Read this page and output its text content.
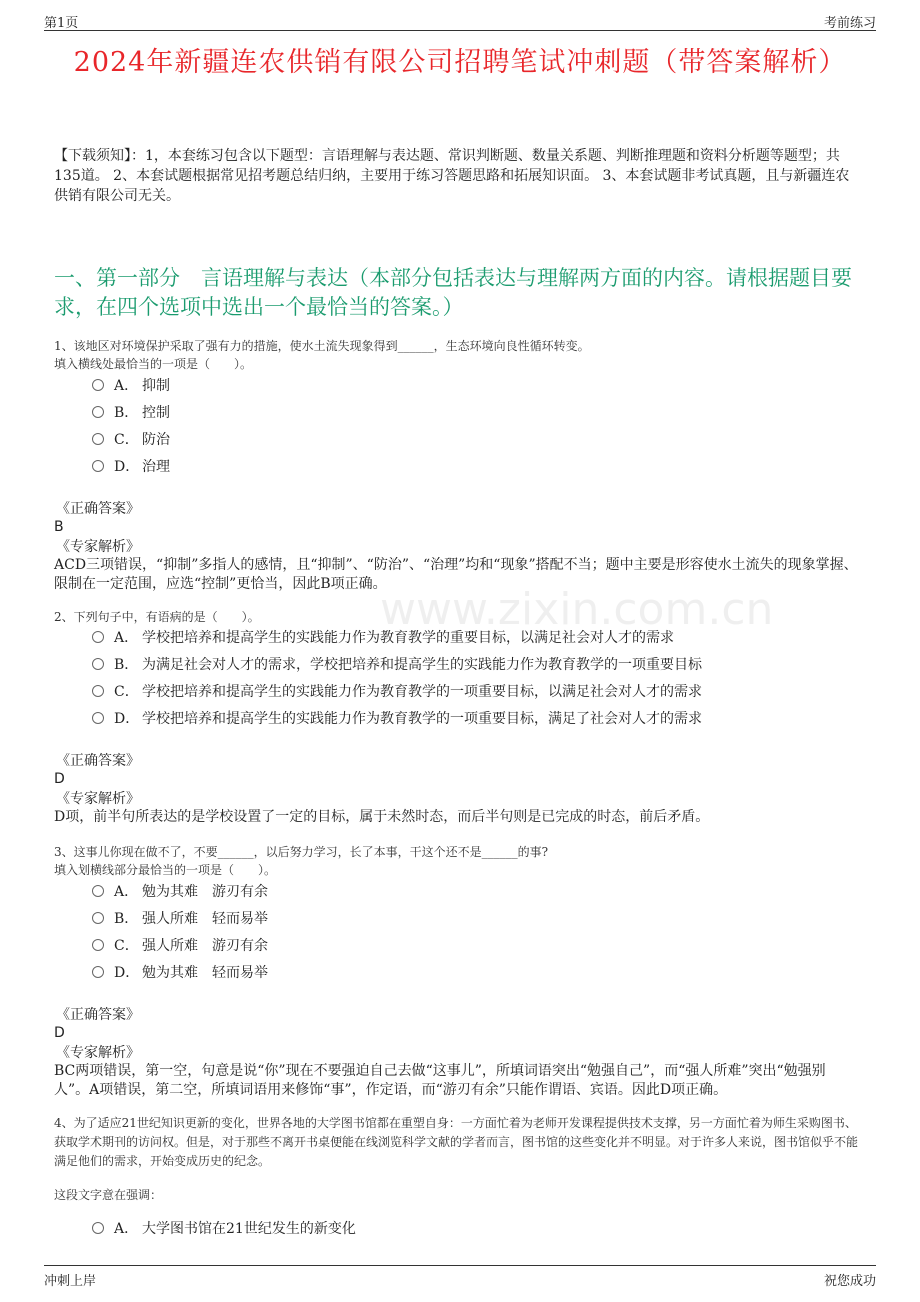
第1页	考前练习
2024年新疆连农供销有限公司招聘笔试冲刺题（带答案解析）
【下载须知】：1，本套练习包含以下题型：言语理解与表达题、常识判断题、数量关系题、判断推理题和资料分析题等题型；共135道。 2、本套试题根据常见招考题总结归纳，主要用于练习答题思路和拓展知识面。 3、本套试题非考试真题，且与新疆连农供销有限公司无关。
一、第一部分　言语理解与表达（本部分包括表达与理解两方面的内容。请根据题目要求，在四个选项中选出一个最恰当的答案。）
www.zixin.com.cn
1、该地区对环境保护采取了强有力的措施，使水土流失现象得到______，生态环境向良性循环转变。
填入横线处最恰当的一项是（　　）。
A． 抑制
B． 控制
C． 防治
D． 治理
《正确答案》
B
《专家解析》
ACD三项错误，“抑制”多指人的感情，且“抑制”、“防治”、“治理”均和“现象”搭配不当；题中主要是形容使水土流失的现象掌握、限制在一定范围，应选“控制”更恰当，因此B项正确。
2、下列句子中，有语病的是（　　）。
A． 学校把培养和提高学生的实践能力作为教育教学的重要目标，以满足社会对人才的需求
B． 为满足社会对人才的需求，学校把培养和提高学生的实践能力作为教育教学的一项重要目标
C． 学校把培养和提高学生的实践能力作为教育教学的一项重要目标，以满足社会对人才的需求
D． 学校把培养和提高学生的实践能力作为教育教学的一项重要目标，满足了社会对人才的需求
《正确答案》
D
《专家解析》
D项，前半句所表达的是学校设置了一定的目标，属于未然时态，而后半句则是已完成的时态，前后矛盾。
3、这事儿你现在做不了，不要______，以后努力学习，长了本事，干这个还不是______的事?
填入划横线部分最恰当的一项是（　　）。
A． 勉为其难　游刃有余
B． 强人所难　轻而易举
C． 强人所难　游刃有余
D． 勉为其难　轻而易举
《正确答案》
D
《专家解析》
BC两项错误，第一空，句意是说“你”现在不要强迫自己去做“这事儿”，所填词语突出“勉强自己”，而“强人所难”突出“勉强别人”。A项错误，第二空，所填词语用来修饰“事”，作定语，而“游刃有余”只能作谓语、宾语。因此D项正确。
4、为了适应21世纪知识更新的变化，世界各地的大学图书馆都在重塑自身：一方面忙着为老师开发课程提供技术支撑，另一方面忙着为师生采购图书、获取学术期刊的访问权。但是，对于那些不离开书桌便能在线浏览科学文献的学者而言，图书馆的这些变化并不明显。对于许多人来说，图书馆似乎不能满足他们的需求，开始变成历史的纪念。
这段文字意在强调：
A． 大学图书馆在21世纪发生的新变化
冲刺上岸	祝您成功
